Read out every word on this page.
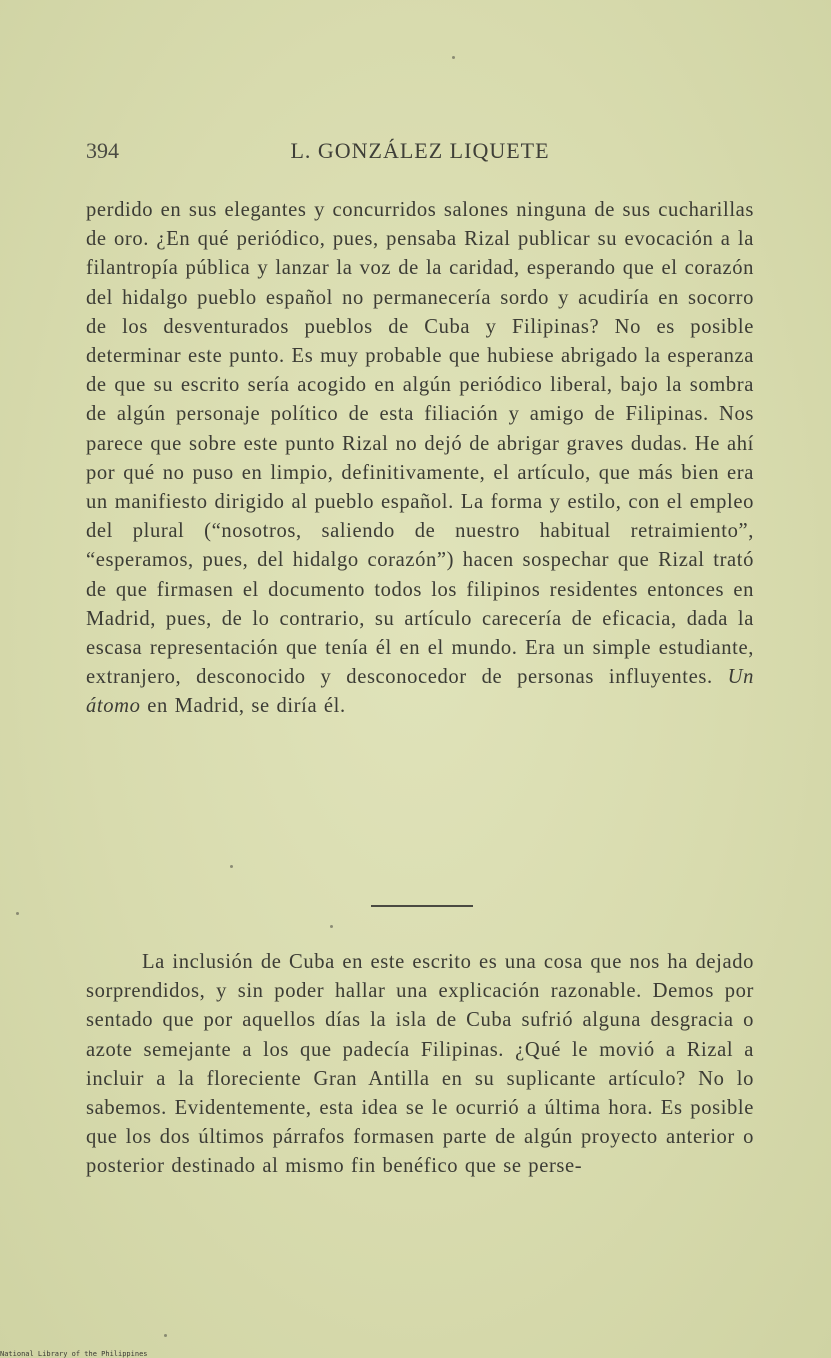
394	L. GONZÁLEZ LIQUETE

perdido en sus elegantes y concurridos salones ninguna de sus cucharillas de oro. ¿En qué periódico, pues, pensaba Rizal publicar su evocación a la filantropía pública y lanzar la voz de la caridad, esperando que el corazón del hidalgo pueblo español no permanecería sordo y acudiría en socorro de los desventurados pueblos de Cuba y Filipinas? No es posible determinar este punto. Es muy probable que hubiese abrigado la esperanza de que su escrito sería acogido en algún periódico liberal, bajo la sombra de algún personaje político de esta filiación y amigo de Filipinas. Nos parece que sobre este punto Rizal no dejó de abrigar graves dudas. He ahí por qué no puso en limpio, definitivamente, el artículo, que más bien era un manifiesto dirigido al pueblo español. La forma y estilo, con el empleo del plural (“nosotros, saliendo de nuestro habitual retraimiento”, “esperamos, pues, del hidalgo corazón”) hacen sospechar que Rizal trató de que firmasen el documento todos los filipinos residentes entonces en Madrid, pues, de lo contrario, su artículo carecería de eficacia, dada la escasa representación que tenía él en el mundo. Era un simple estudiante, extranjero, desconocido y desconocedor de personas influyentes. Un átomo en Madrid, se diría él.

La inclusión de Cuba en este escrito es una cosa que nos ha dejado sorprendidos, y sin poder hallar una explicación razonable. Demos por sentado que por aquellos días la isla de Cuba sufrió alguna desgracia o azote semejante a los que padecía Filipinas. ¿Qué le movió a Rizal a incluir a la floreciente Gran Antilla en su suplicante artículo? No lo sabemos. Evidentemente, esta idea se le ocurrió a última hora. Es posible que los dos últimos párrafos formasen parte de algún proyecto anterior o posterior destinado al mismo fin benéfico que se perse-

National Library of the Philippines
